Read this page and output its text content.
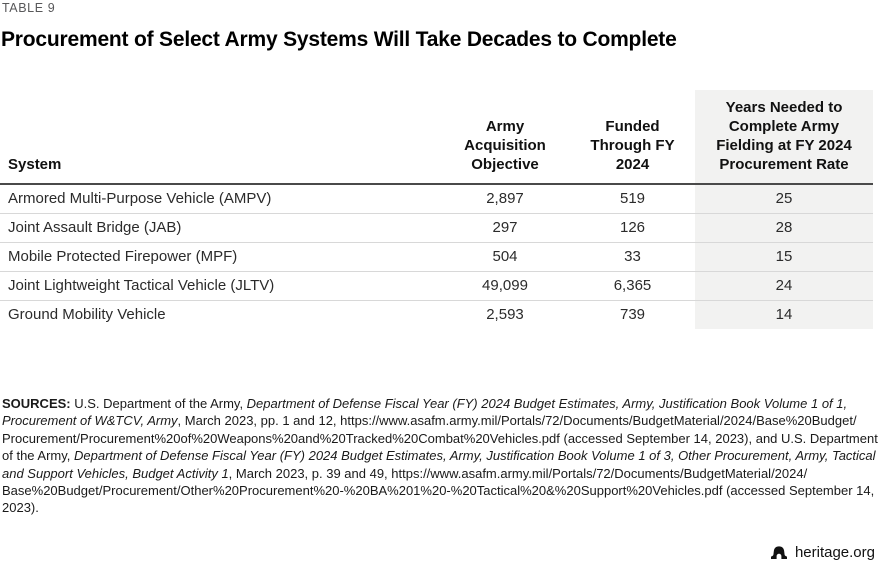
TABLE 9
Procurement of Select Army Systems Will Take Decades to Complete
System	Army Acquisition Objective	Funded Through FY 2024	Years Needed to Complete Army Fielding at FY 2024 Procurement Rate
Armored Multi-Purpose Vehicle (AMPV)	2,897	519	25
Joint Assault Bridge (JAB)	297	126	28
Mobile Protected Firepower (MPF)	504	33	15
Joint Lightweight Tactical Vehicle (JLTV)	49,099	6,365	24
Ground Mobility Vehicle	2,593	739	14

SOURCES: U.S. Department of the Army, Department of Defense Fiscal Year (FY) 2024 Budget Estimates, Army, Justification Book Volume 1 of 1, Procurement of W&TCV, Army, March 2023, pp. 1 and 12, https:/​/​www.asafm.army.mil/​Portals/​72/​Documents/​BudgetMaterial/​2024/​Base%20Budget/​Procurement/​Procurement%20of%20Weapons%20and%20Tracked%20Combat%20Vehicles.pdf (accessed September 14, 2023), and U.S. Department of the Army, Department of Defense Fiscal Year (FY) 2024 Budget Estimates, Army, Justification Book Volume 1 of 3, Other Procurement, Army, Tactical and Support Vehicles, Budget Activity 1, March 2023, p. 39 and 49, https:/​/​www.asafm.army.mil/​Portals/​72/​Documents/​BudgetMaterial/​2024/​Base%20Budget/​Procurement/​Other%20Procurement%20-%20BA%201%20-%20Tactical%20&%20Support%20Vehicles.pdf (accessed September 14, 2023).

heritage.org
